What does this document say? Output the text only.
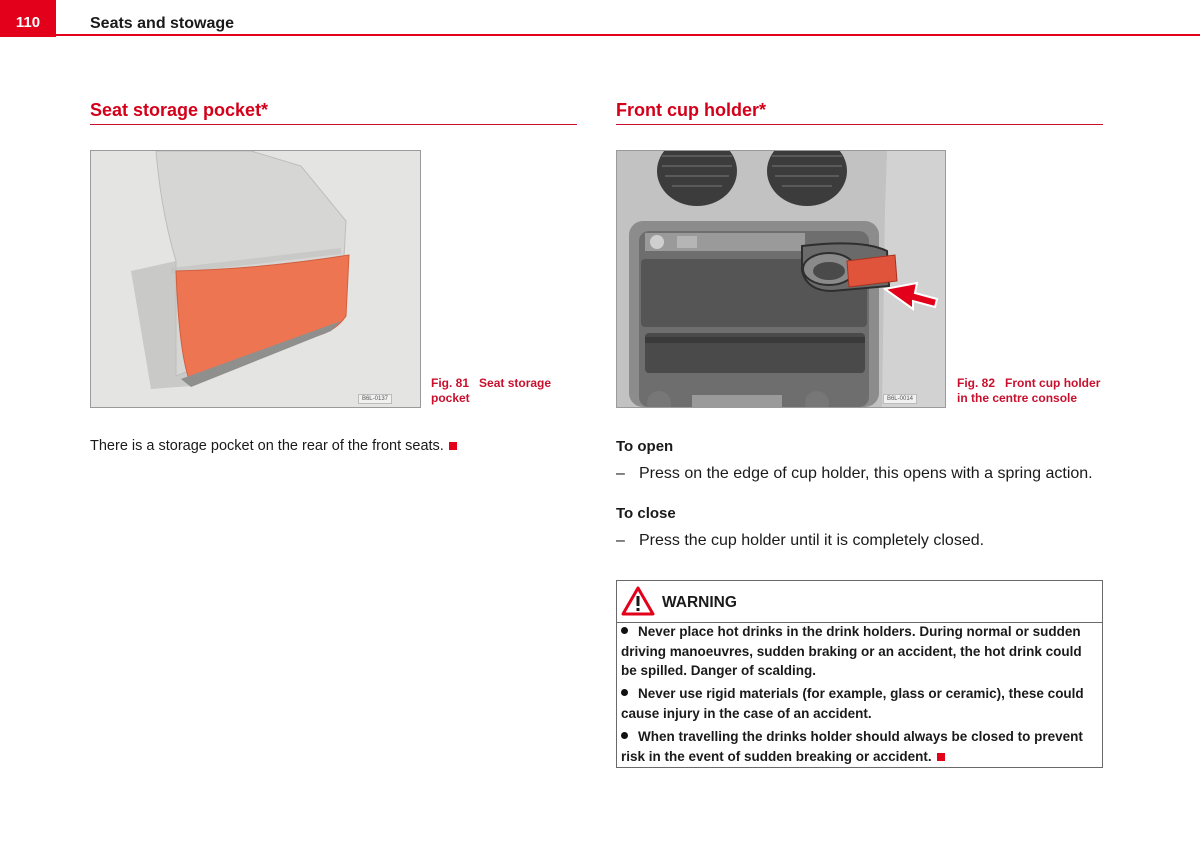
110	Seats and stowage
Seat storage pocket*
B6L-0137
Fig. 81 Seat storage pocket
There is a storage pocket on the rear of the front seats.
Front cup holder*
B6L-0014
Fig. 82 Front cup holder in the centre console
To open
– Press on the edge of cup holder, this opens with a spring action.
To close
– Press the cup holder until it is completely closed.
WARNING
Never place hot drinks in the drink holders. During normal or sudden driving manoeuvres, sudden braking or an accident, the hot drink could be spilled. Danger of scalding.
Never use rigid materials (for example, glass or ceramic), these could cause injury in the case of an accident.
When travelling the drinks holder should always be closed to prevent risk in the event of sudden breaking or accident.
